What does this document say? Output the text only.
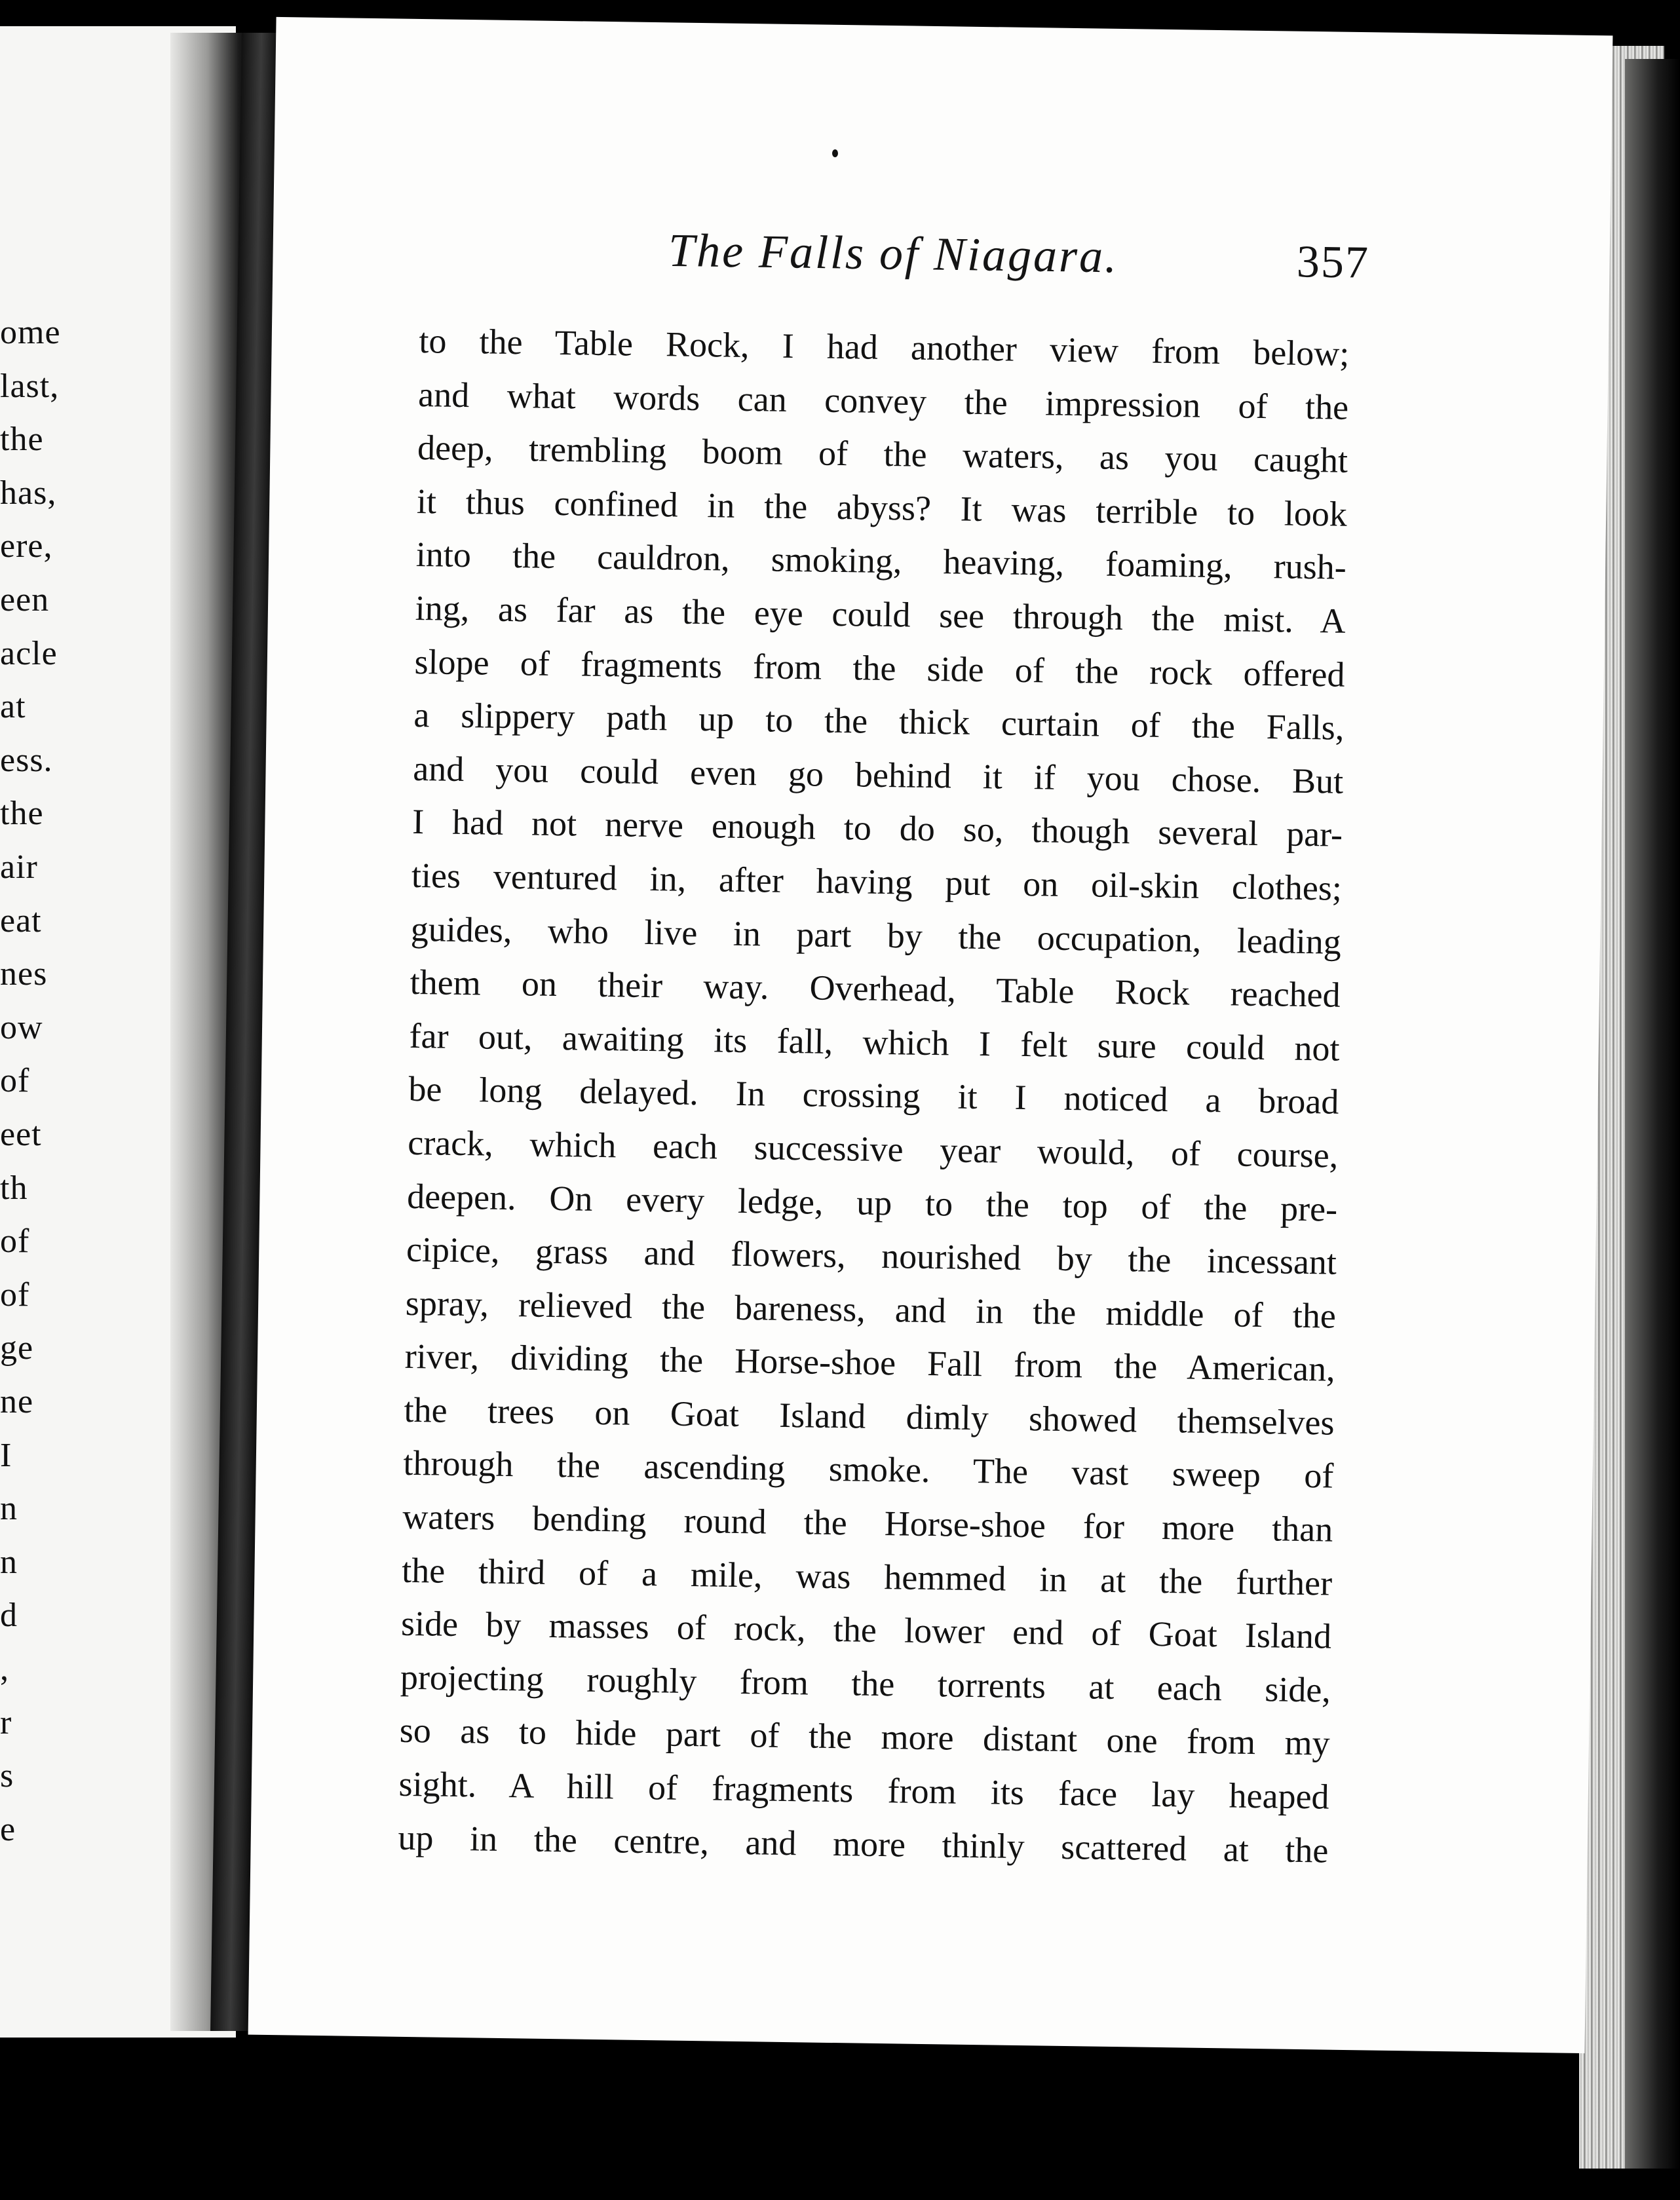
ome
last,
the
has,
ere,
een
acle
at
ess.
the
air
eat
nes
ow
of
eet
th
of
of
ge
ne
I
n
n
d
,
r
s
e
The Falls of Niagara.	357
to the Table Rock, I had another view from below;
and what words can convey the impression of the
deep, trembling boom of the waters, as you caught
it thus confined in the abyss? It was terrible to look
into the cauldron, smoking, heaving, foaming, rush-
ing, as far as the eye could see through the mist. A
slope of fragments from the side of the rock offered
a slippery path up to the thick curtain of the Falls,
and you could even go behind it if you chose. But
I had not nerve enough to do so, though several par-
ties ventured in, after having put on oil-skin clothes;
guides, who live in part by the occupation, leading
them on their way. Overhead, Table Rock reached
far out, awaiting its fall, which I felt sure could not
be long delayed. In crossing it I noticed a broad
crack, which each successive year would, of course,
deepen. On every ledge, up to the top of the pre-
cipice, grass and flowers, nourished by the incessant
spray, relieved the bareness, and in the middle of the
river, dividing the Horse-shoe Fall from the American,
the trees on Goat Island dimly showed themselves
through the ascending smoke. The vast sweep of
waters bending round the Horse-shoe for more than
the third of a mile, was hemmed in at the further
side by masses of rock, the lower end of Goat Island
projecting roughly from the torrents at each side,
so as to hide part of the more distant one from my
sight. A hill of fragments from its face lay heaped
up in the centre, and more thinly scattered at the
